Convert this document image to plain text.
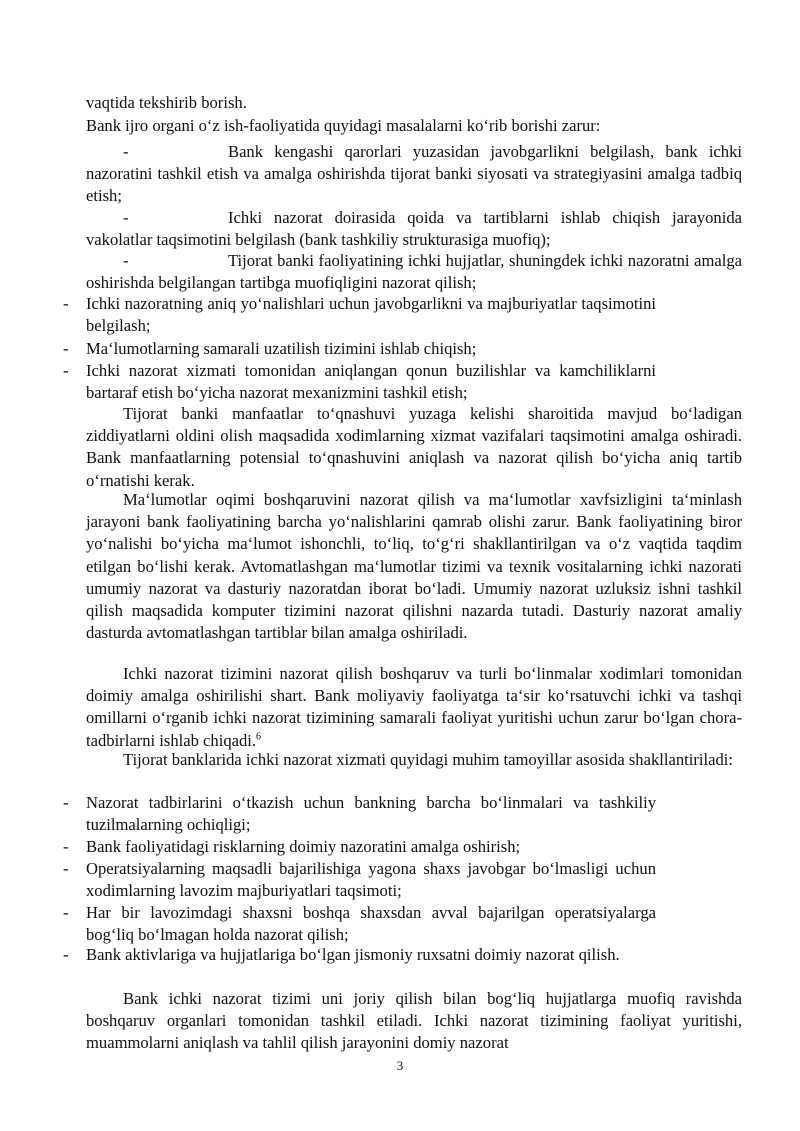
vaqtida tekshirib borish.

Bank ijro organi o‘z ish-faoliyatida quyidagi masalalarni ko‘rib borishi zarur:

-	Bank kengashi qarorlari yuzasidan javobgarlikni belgilash, bank ichki nazoratini tashkil etish va amalga oshirishda tijorat banki siyosati va strategiyasini amalga tadbiq etish;

-	Ichki nazorat doirasida qoida va tartiblarni ishlab chiqish jarayonida vakolatlar taqsimotini belgilash (bank tashkiliy strukturasiga muofiq);

-	Tijorat banki faoliyatining ichki hujjatlar, shuningdek ichki nazoratni amalga oshirishda belgilangan tartibga muofiqligini nazorat qilish;

- Ichki nazoratning aniq yo‘nalishlari uchun javobgarlikni va majburiyatlar taqsimotini belgilash;

- Ma‘lumotlarning samarali uzatilish tizimini ishlab chiqish;

- Ichki nazorat xizmati tomonidan aniqlangan qonun buzilishlar va kamchiliklarni bartaraf etish bo‘yicha nazorat mexanizmini tashkil etish;

Tijorat banki manfaatlar to‘qnashuvi yuzaga kelishi sharoitida mavjud bo‘ladigan ziddiyatlarni oldini olish maqsadida xodimlarning xizmat vazifalari taqsimotini amalga oshiradi. Bank manfaatlarning potensial to‘qnashuvini aniqlash va nazorat qilish bo‘yicha aniq tartib o‘rnatishi kerak.

Ma‘lumotlar oqimi boshqaruvini nazorat qilish va ma‘lumotlar xavfsizligini ta‘minlash jarayoni bank faoliyatining barcha yo‘nalishlarini qamrab olishi zarur. Bank faoliyatining biror yo‘nalishi bo‘yicha ma‘lumot ishonchli, to‘liq, to‘g‘ri shakllantirilgan va o‘z vaqtida taqdim etilgan bo‘lishi kerak. Avtomatlashgan ma‘lumotlar tizimi va texnik vositalarning ichki nazorati umumiy nazorat va dasturiy nazoratdan iborat bo‘ladi. Umumiy nazorat uzluksiz ishni tashkil qilish maqsadida komputer tizimini nazorat qilishni nazarda tutadi. Dasturiy nazorat amaliy dasturda avtomatlashgan tartiblar bilan amalga oshiriladi.

Ichki nazorat tizimini nazorat qilish boshqaruv va turli bo‘linmalar xodimlari tomonidan doimiy amalga oshirilishi shart. Bank moliyaviy faoliyatga ta‘sir ko‘rsatuvchi ichki va tashqi omillarni o‘rganib ichki nazorat tizimining samarali faoliyat yuritishi uchun zarur bo‘lgan chora-tadbirlarni ishlab chiqadi.$^6$

Tijorat banklarida ichki nazorat xizmati quyidagi muhim tamoyillar asosida shakllantiriladi:

- Nazorat tadbirlarini o‘tkazish uchun bankning barcha bo‘linmalari va tashkiliy tuzilmalarning ochiqligi;

- Bank faoliyatidagi risklarning doimiy nazoratini amalga oshirish;

- Operatsiyalarning maqsadli bajarilishiga yagona shaxs javobgar bo‘lmasligi uchun xodimlarning lavozim majburiyatlari taqsimoti;

- Har bir lavozimdagi shaxsni boshqa shaxsdan avval bajarilgan operatsiyalarga bog‘liq bo‘lmagan holda nazorat qilish;

- Bank aktivlariga va hujjatlariga bo‘lgan jismoniy ruxsatni doimiy nazorat qilish.

Bank ichki nazorat tizimi uni joriy qilish bilan bog‘liq hujjatlarga muofiq ravishda boshqaruv organlari tomonidan tashkil etiladi. Ichki nazorat tizimining faoliyat yuritishi, muammolarni aniqlash va tahlil qilish jarayonini domiy nazorat

3
